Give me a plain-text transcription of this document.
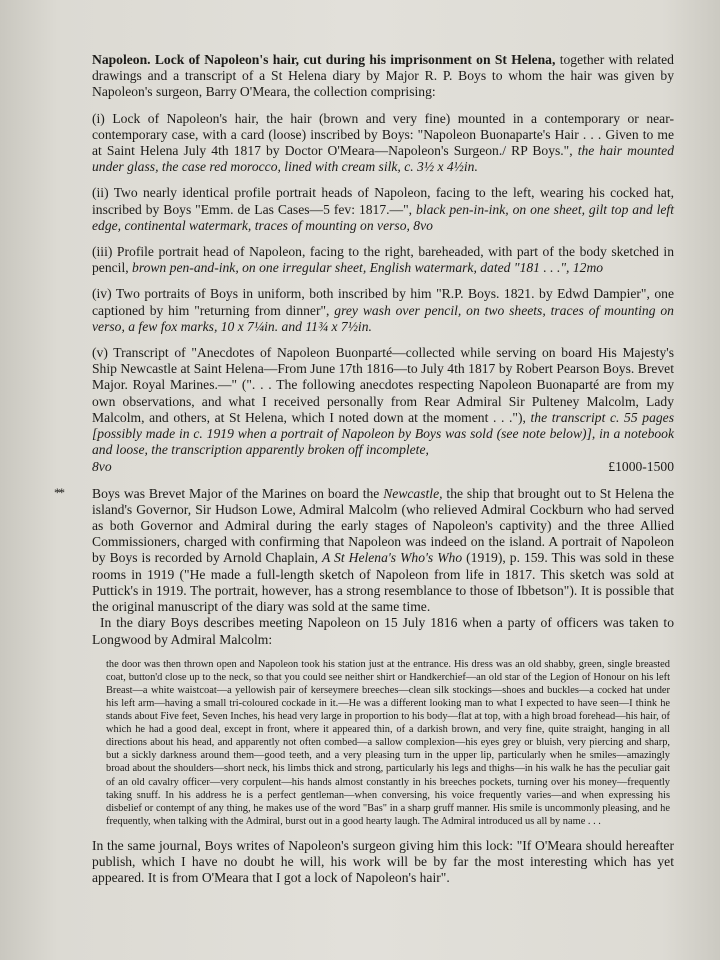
Napoleon. Lock of Napoleon's hair, cut during his imprisonment on St Helena, together with related drawings and a transcript of a St Helena diary by Major R. P. Boys to whom the hair was given by Napoleon's surgeon, Barry O'Meara, the collection comprising:

(i) Lock of Napoleon's hair, the hair (brown and very fine) mounted in a contemporary or near-contemporary case, with a card (loose) inscribed by Boys: "Napoleon Buonaparte's Hair . . . Given to me at Saint Helena July 4th 1817 by Doctor O'Meara—Napoleon's Surgeon./ RP Boys.", the hair mounted under glass, the case red morocco, lined with cream silk, c. 3½ x 4½in.

(ii) Two nearly identical profile portrait heads of Napoleon, facing to the left, wearing his cocked hat, inscribed by Boys "Emm. de Las Cases—5 fev: 1817.—", black pen-in-ink, on one sheet, gilt top and left edge, continental watermark, traces of mounting on verso, 8vo

(iii) Profile portrait head of Napoleon, facing to the right, bareheaded, with part of the body sketched in pencil, brown pen-and-ink, on one irregular sheet, English watermark, dated "181 . . .", 12mo

(iv) Two portraits of Boys in uniform, both inscribed by him "R.P. Boys. 1821. by Edwd Dampier", one captioned by him "returning from dinner", grey wash over pencil, on two sheets, traces of mounting on verso, a few fox marks, 10 x 7¼in. and 11¾ x 7½in.

(v) Transcript of "Anecdotes of Napoleon Buonparté—collected while serving on board His Majesty's Ship Newcastle at Saint Helena—From June 17th 1816—to July 4th 1817 by Robert Pearson Boys. Brevet Major. Royal Marines.—" (". . . The following anecdotes respecting Napoleon Buonaparté are from my own observations, and what I received personally from Rear Admiral Sir Pulteney Malcolm, Lady Malcolm, and others, at St Helena, which I noted down at the moment . . ."), the transcript c. 55 pages [possibly made in c. 1919 when a portrait of Napoleon by Boys was sold (see note below)], in a notebook and loose, the transcription apparently broken off incomplete,

8vo	£1000-1500

** Boys was Brevet Major of the Marines on board the Newcastle, the ship that brought out to St Helena the island's Governor, Sir Hudson Lowe, Admiral Malcolm (who relieved Admiral Cockburn who had served as both Governor and Admiral during the early stages of Napoleon's captivity) and the three Allied Commissioners, charged with confirming that Napoleon was indeed on the island. A portrait of Napoleon by Boys is recorded by Arnold Chaplain, A St Helena's Who's Who (1919), p. 159. This was sold in these rooms in 1919 ("He made a full-length sketch of Napoleon from life in 1817. This sketch was sold at Puttick's in 1919. The portrait, however, has a strong resemblance to those of Ibbetson"). It is possible that the original manuscript of the diary was sold at the same time.

In the diary Boys describes meeting Napoleon on 15 July 1816 when a party of officers was taken to Longwood by Admiral Malcolm:

the door was then thrown open and Napoleon took his station just at the entrance. His dress was an old shabby, green, single breasted coat, button'd close up to the neck, so that you could see neither shirt or Handkerchief—an old star of the Legion of Honour on his left Breast—a white waistcoat—a yellowish pair of kerseymere breeches—clean silk stockings—shoes and buckles—a cocked hat under his left arm—having a small tri-coloured cockade in it.—He was a different looking man to what I expected to have seen—I think he stands about Five feet, Seven Inches, his head very large in proportion to his body—flat at top, with a high broad forehead—his hair, of which he had a good deal, except in front, where it appeared thin, of a darkish brown, and very fine, quite straight, hanging in all directions about his head, and apparently not often combed—a sallow complexion—his eyes grey or bluish, very piercing and sharp, but a sickly darkness around them—good teeth, and a very pleasing turn in the upper lip, particularly when he smiles—amazingly broad about the shoulders—short neck, his limbs thick and strong, particularly his legs and thighs—in his walk he has the peculiar gait of an old cavalry officer—very corpulent—his hands almost constantly in his breeches pockets, turning over his money—frequently taking snuff. In his address he is a perfect gentleman—when conversing, his voice frequently varies—and when expressing his disbelief or contempt of any thing, he makes use of the word "Bas" in a sharp gruff manner. His smile is uncommonly pleasing, and he frequently, when talking with the Admiral, burst out in a good hearty laugh. The Admiral introduced us all by name . . .

In the same journal, Boys writes of Napoleon's surgeon giving him this lock: "If O'Meara should hereafter publish, which I have no doubt he will, his work will be by far the most interesting which has yet appeared. It is from O'Meara that I got a lock of Napoleon's hair".
